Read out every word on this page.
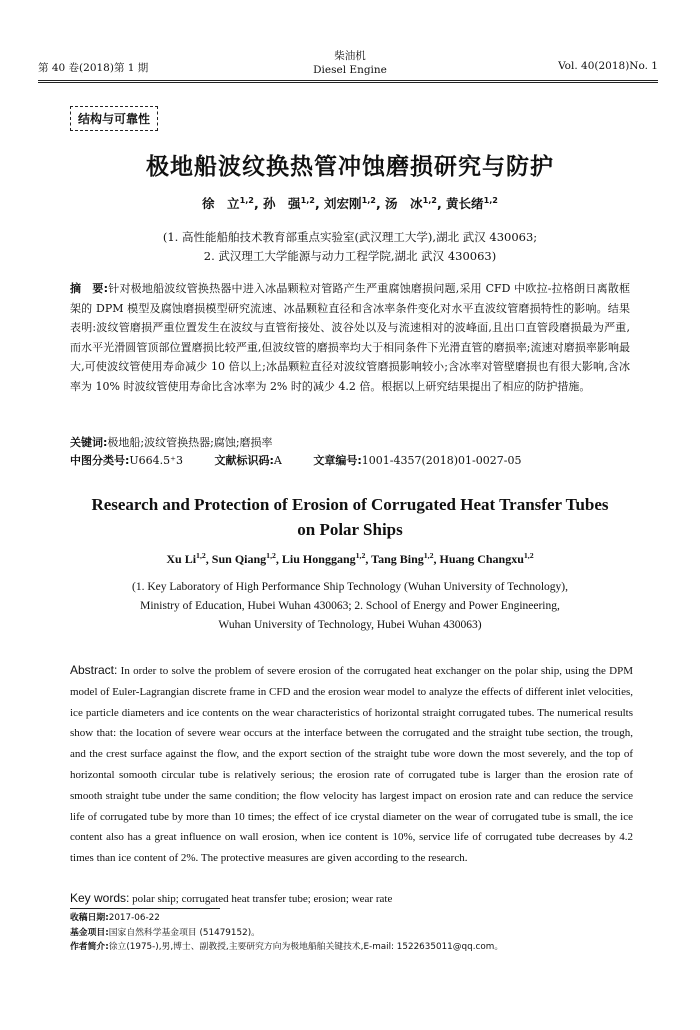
第 40 卷(2018)第 1 期
柴油机
Diesel Engine	Vol. 40(2018)No. 1
结构与可靠性
极地船波纹换热管冲蚀磨损研究与防护
徐　立$^{1,2}$, 孙　强$^{1,2}$, 刘宏刚$^{1,2}$, 汤　冰$^{1,2}$, 黄长绪$^{1,2}$
(1. 高性能船舶技术教育部重点实验室(武汉理工大学),湖北 武汉 430063;
2. 武汉理工大学能源与动力工程学院,湖北 武汉 430063)
摘　要:针对极地船波纹管换热器中进入冰晶颗粒对管路产生严重腐蚀磨损问题,采用 CFD 中欧拉-拉格朗日离散框架的 DPM 模型及腐蚀磨损模型研究流速、冰晶颗粒直径和含冰率条件变化对水平直波纹管磨损特性的影响。结果表明:波纹管磨损严重位置发生在波纹与直管衔接处、波谷处以及与流速相对的波峰面,且出口直管段磨损最为严重,而水平光滑圆管顶部位置磨损比较严重,但波纹管的磨损率均大于相同条件下光滑直管的磨损率;流速对磨损率影响最大,可使波纹管使用寿命减少 10 倍以上;冰晶颗粒直径对波纹管磨损影响较小;含冰率对管壁磨损也有很大影响,含冰率为 10% 时波纹管使用寿命比含冰率为 2% 时的减少 4.2 倍。根据以上研究结果提出了相应的防护措施。
关键词:极地船;波纹管换热器;腐蚀;磨损率
中图分类号:U664.5⁺3	文献标识码:A	文章编号:1001-4357(2018)01-0027-05
Research and Protection of Erosion of Corrugated Heat Transfer Tubes
on Polar Ships
Xu Li$^{1,2}$, Sun Qiang$^{1,2}$, Liu Honggang$^{1,2}$, Tang Bing$^{1,2}$, Huang Changxu$^{1,2}$
(1. Key Laboratory of High Performance Ship Technology (Wuhan University of Technology),
Ministry of Education, Hubei Wuhan 430063; 2. School of Energy and Power Engineering,
Wuhan University of Technology, Hubei Wuhan 430063)
Abstract: In order to solve the problem of severe erosion of the corrugated heat exchanger on the polar ship, using the DPM model of Euler-Lagrangian discrete frame in CFD and the erosion wear model to analyze the effects of different inlet velocities, ice particle diameters and ice contents on the wear characteristics of horizontal straight corrugated tubes. The numerical results show that: the location of severe wear occurs at the interface between the corrugated and the straight tube section, the trough, and the crest surface against the flow, and the export section of the straight tube wore down the most severely, and the top of horizontal somooth circular tube is relatively serious; the erosion rate of corrugated tube is larger than the erosion rate of smooth straight tube under the same condition; the flow velocity has largest impact on erosion rate and can reduce the service life of corrugated tube by more than 10 times; the effect of ice crystal diameter on the wear of corrugated tube is small, the ice content also has a great influence on wall erosion, when ice content is 10%, service life of corrugated tube decreases by 4.2 times than ice content of 2%. The protective measures are given according to the research.
Key words: polar ship; corrugated heat transfer tube; erosion; wear rate
收稿日期:2017-06-22
基金项目:国家自然科学基金项目 (51479152)。
作者简介:徐立(1975-),男,博士、副教授,主要研究方向为极地船舶关键技术,E-mail: 1522635011@qq.com。
